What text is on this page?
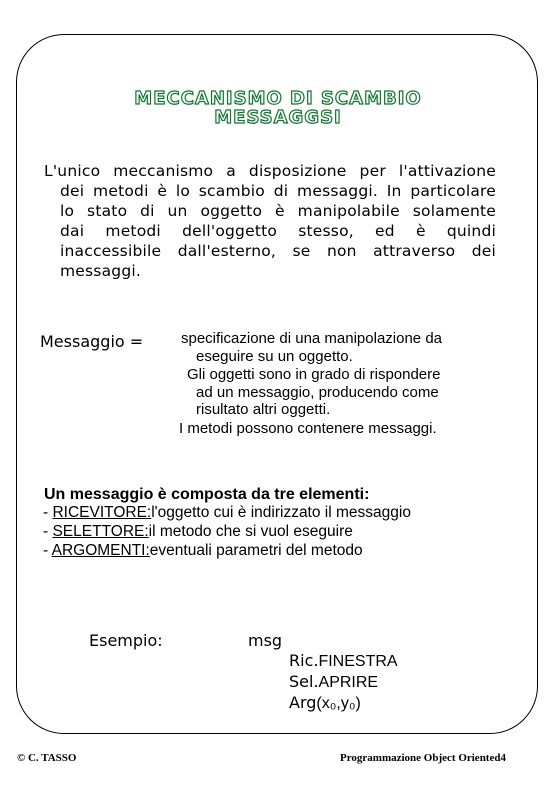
MECCANISMO DI SCAMBIO
MESSAGGSI
L'unico meccanismo a disposizione per l'attivazione
dei metodi è lo scambio di messaggi. In particolare
lo stato di un oggetto è manipolabile solamente
dai metodi dell'oggetto stesso, ed è quindi
inaccessibile dall'esterno, se non attraverso dei
messaggi.
Messaggio =	specificazione di una manipolazione da
eseguire su un oggetto.
Gli oggetti sono in grado di rispondere
ad un messaggio, producendo come
risultato altri oggetti.
I metodi possono contenere messaggi.
Un messaggio è composta da tre elementi:
- RICEVITORE:l'oggetto cui è indirizzato il messaggio
- SELETTORE:il metodo che si vuol eseguire
- ARGOMENTI:eventuali parametri del metodo
Esempio:	msg
Ric.FINESTRA
Sel.APRIRE
Arg(x₀,y₀)
© C. TASSO	Programmazione Object Oriented4
